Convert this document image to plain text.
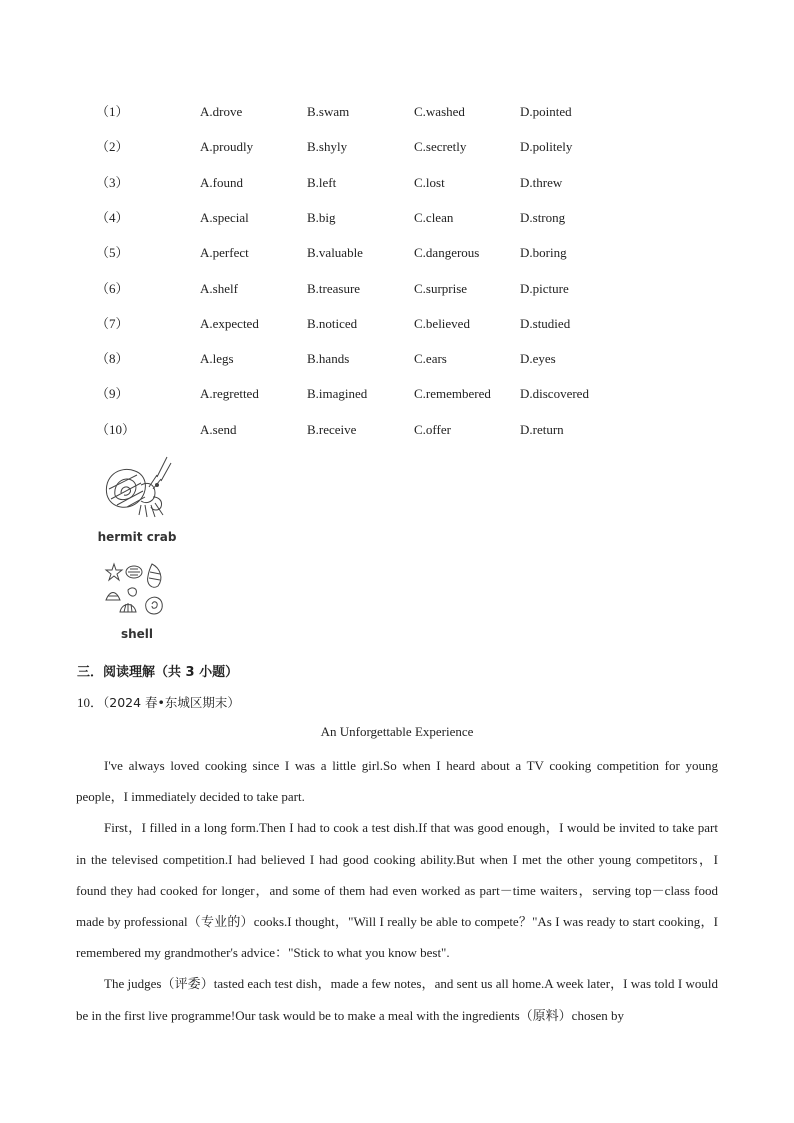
（1）	A.drove	B.swam	C.washed	D.pointed
（2）	A.proudly	B.shyly	C.secretly	D.politely
（3）	A.found	B.left	C.lost	D.threw
（4）	A.special	B.big	C.clean	D.strong
（5）	A.perfect	B.valuable	C.dangerous	D.boring
（6）	A.shelf	B.treasure	C.surprise	D.picture
（7）	A.expected	B.noticed	C.believed	D.studied
（8）	A.legs	B.hands	C.ears	D.eyes
（9）	A.regretted	B.imagined	C.remembered D.discovered
（10）	A.send	B.receive	C.offer	D.return
hermit crab
shell
三．阅读理解（共 3 小题）
10．（2024 春•东城区期末）
An Unforgettable Experience

I've always loved cooking since I was a little girl.So when I heard about a TV cooking competition for young people，I immediately decided to take part.

First，I filled in a long form.Then I had to cook a test dish.If that was good enough，I would be invited to take part in the televised competition.I had believed I had good cooking ability.But when I met the other young competitors，I found they had cooked for longer，and some of them had even worked as part－time waiters，serving top－class food made by professional（专业的）cooks.I thought，"Will I really be able to compete？"As I was ready to start cooking，I remembered my grandmother's advice："Stick to what you know best".

The judges（评委）tasted each test dish，made a few notes，and sent us all home.A week later，I was told I would be in the first live programme!Our task would be to make a meal with the ingredients（原料）chosen by
